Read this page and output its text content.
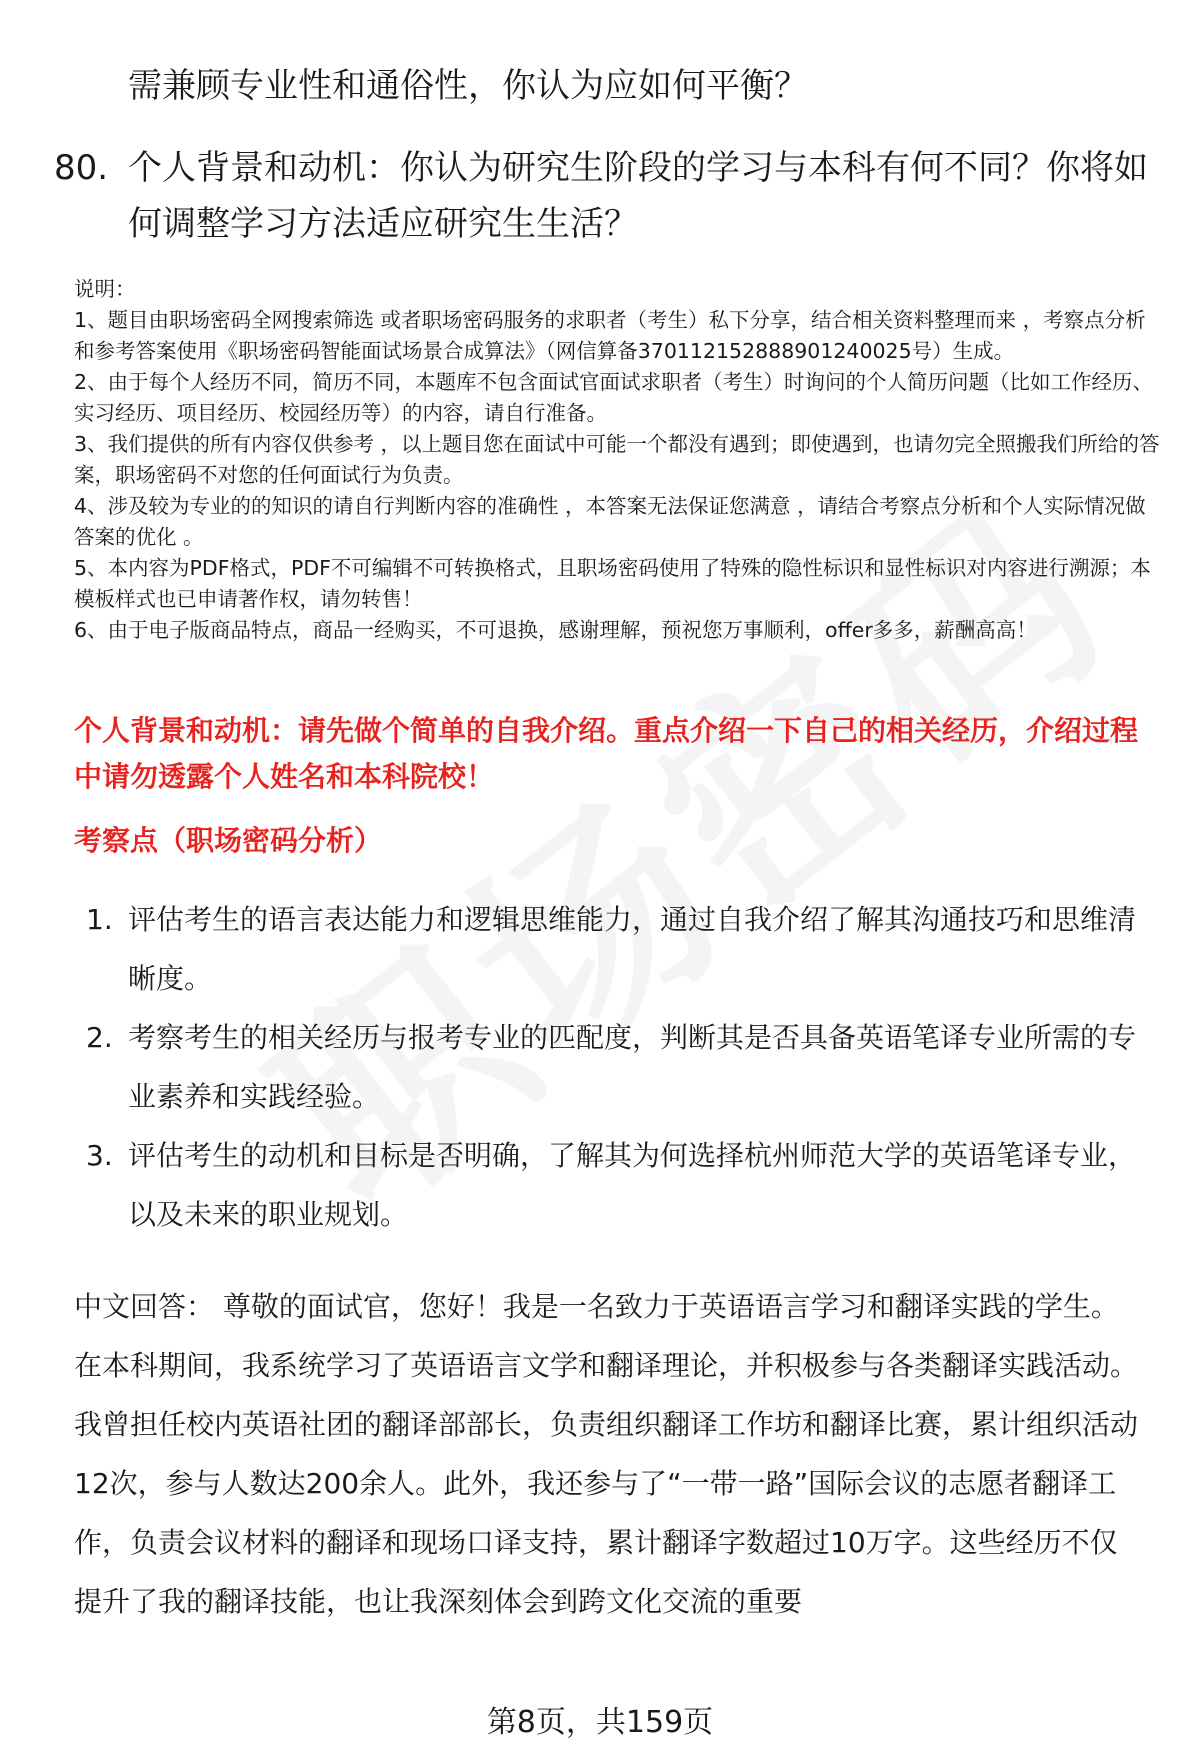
需兼顾专业性和通俗性，你认为应如何平衡？
80. 个人背景和动机：你认为研究生阶段的学习与本科有何不同？你将如何调整学习方法适应研究生生活？
说明：
1、题目由职场密码全网搜索筛选 或者职场密码服务的求职者（考生）私下分享，结合相关资料整理而来 ，考察点分析和参考答案使用《职场密码智能面试场景合成算法》（网信算备370112152888901240025号）生成。
2、由于每个人经历不同，简历不同，本题库不包含面试官面试求职者（考生）时询问的个人简历问题（比如工作经历、实习经历、项目经历、校园经历等）的内容，请自行准备。
3、我们提供的所有内容仅供参考 ，以上题目您在面试中可能一个都没有遇到；即使遇到，也请勿完全照搬我们所给的答案，职场密码不对您的任何面试行为负责。
4、涉及较为专业的的知识的请自行判断内容的准确性 ，本答案无法保证您满意 ，请结合考察点分析和个人实际情况做答案的优化 。
5、本内容为PDF格式，PDF不可编辑不可转换格式，且职场密码使用了特殊的隐性标识和显性标识对内容进行溯源；本模板样式也已申请著作权，请勿转售！
6、由于电子版商品特点，商品一经购买，不可退换，感谢理解，预祝您万事顺利，offer多多，薪酬高高！
个人背景和动机：请先做个简单的自我介绍。重点介绍一下自己的相关经历，介绍过程中请勿透露个人姓名和本科院校！
考察点（职场密码分析）
1. 评估考生的语言表达能力和逻辑思维能力，通过自我介绍了解其沟通技巧和思维清晰度。
2. 考察考生的相关经历与报考专业的匹配度，判断其是否具备英语笔译专业所需的专业素养和实践经验。
3. 评估考生的动机和目标是否明确，了解其为何选择杭州师范大学的英语笔译专业，以及未来的职业规划。
中文回答： 尊敬的面试官，您好！我是一名致力于英语语言学习和翻译实践的学生。在本科期间，我系统学习了英语语言文学和翻译理论，并积极参与各类翻译实践活动。我曾担任校内英语社团的翻译部部长，负责组织翻译工作坊和翻译比赛，累计组织活动12次，参与人数达200余人。此外，我还参与了“一带一路”国际会议的志愿者翻译工作，负责会议材料的翻译和现场口译支持，累计翻译字数超过10万字。这些经历不仅提升了我的翻译技能，也让我深刻体会到跨文化交流的重要
第8页，共159页
